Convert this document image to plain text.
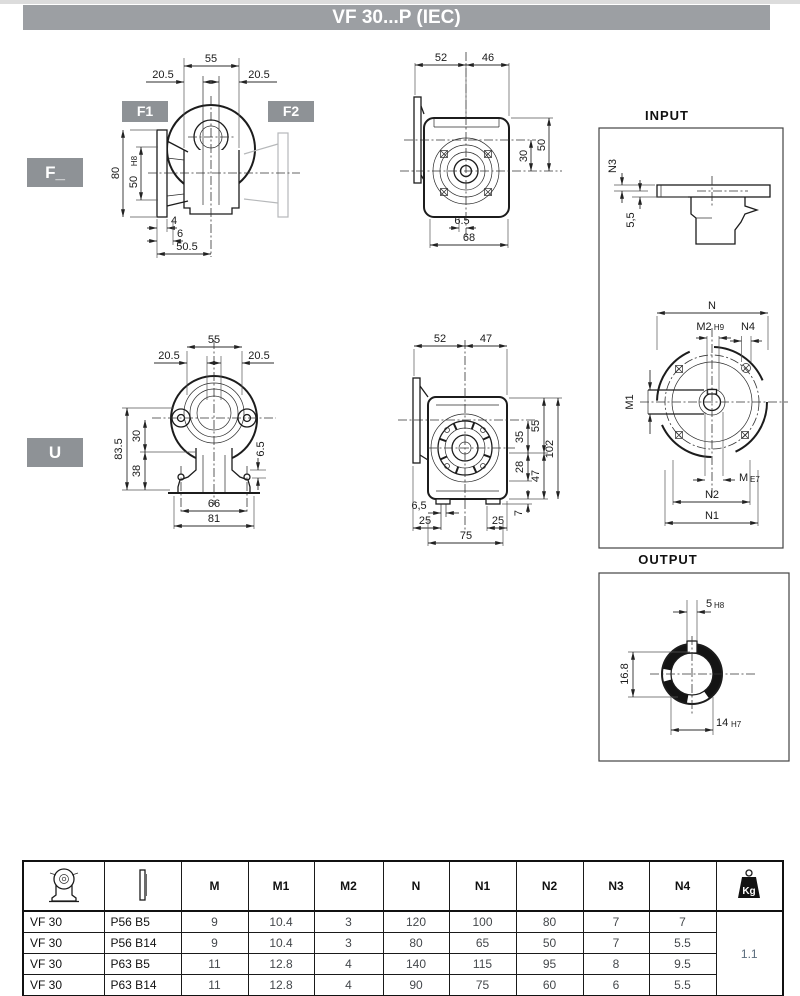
VF 30...P (IEC)
F_
U
F1	F2
55
20.5	20.5
80
50
H8
4
6
50.5
52	46
50
30
6.5
68
INPUT
N3
5,5
N
M2 H9 N4
M1
M E7
N2
N1
55
20.5	20.5
83.5
30
38
6.5
66
81
52	47
35
28
55
47
102
7
6,5
25	25
75
OUTPUT
5 H8
16.8
14 H7
		M	M1	M2	N	N1	N2	N3	N4	Kg

VF 30	P56 B5	9	10.4	3	120	100	80	7	7	1.1
VF 30	P56 B14	9	10.4	3	80	65	50	7	5.5	
VF 30	P63 B5	11	12.8	4	140	115	95	8	9.5	
VF 30	P63 B14	11	12.8	4	90	75	60	6	5.5	
